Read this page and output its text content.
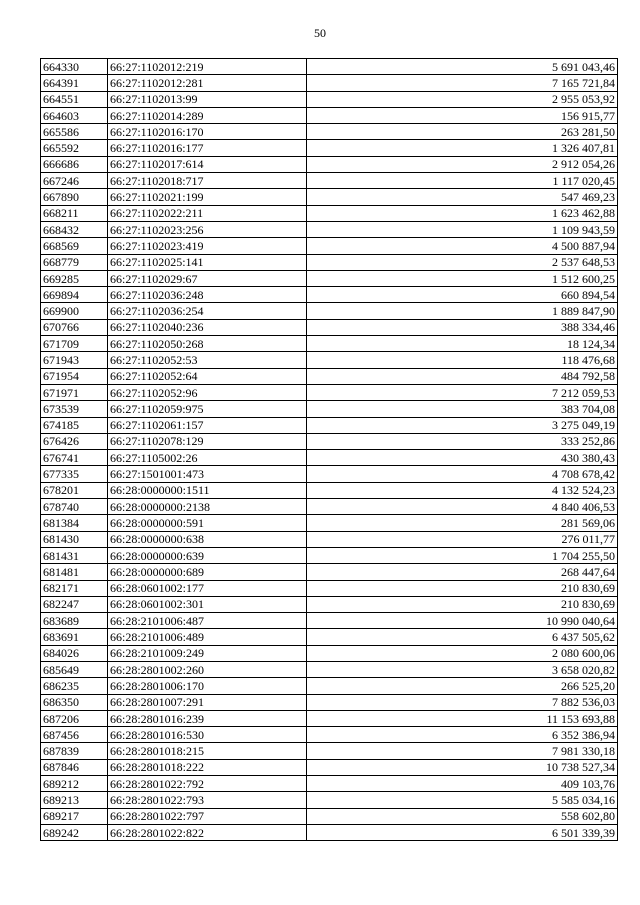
50
664330	66:27:1102012:219	5 691 043,46
664391	66:27:1102012:281	7 165 721,84
664551	66:27:1102013:99	2 955 053,92
664603	66:27:1102014:289	156 915,77
665586	66:27:1102016:170	263 281,50
665592	66:27:1102016:177	1 326 407,81
666686	66:27:1102017:614	2 912 054,26
667246	66:27:1102018:717	1 117 020,45
667890	66:27:1102021:199	547 469,23
668211	66:27:1102022:211	1 623 462,88
668432	66:27:1102023:256	1 109 943,59
668569	66:27:1102023:419	4 500 887,94
668779	66:27:1102025:141	2 537 648,53
669285	66:27:1102029:67	1 512 600,25
669894	66:27:1102036:248	660 894,54
669900	66:27:1102036:254	1 889 847,90
670766	66:27:1102040:236	388 334,46
671709	66:27:1102050:268	18 124,34
671943	66:27:1102052:53	118 476,68
671954	66:27:1102052:64	484 792,58
671971	66:27:1102052:96	7 212 059,53
673539	66:27:1102059:975	383 704,08
674185	66:27:1102061:157	3 275 049,19
676426	66:27:1102078:129	333 252,86
676741	66:27:1105002:26	430 380,43
677335	66:27:1501001:473	4 708 678,42
678201	66:28:0000000:1511	4 132 524,23
678740	66:28:0000000:2138	4 840 406,53
681384	66:28:0000000:591	281 569,06
681430	66:28:0000000:638	276 011,77
681431	66:28:0000000:639	1 704 255,50
681481	66:28:0000000:689	268 447,64
682171	66:28:0601002:177	210 830,69
682247	66:28:0601002:301	210 830,69
683689	66:28:2101006:487	10 990 040,64
683691	66:28:2101006:489	6 437 505,62
684026	66:28:2101009:249	2 080 600,06
685649	66:28:2801002:260	3 658 020,82
686235	66:28:2801006:170	266 525,20
686350	66:28:2801007:291	7 882 536,03
687206	66:28:2801016:239	11 153 693,88
687456	66:28:2801016:530	6 352 386,94
687839	66:28:2801018:215	7 981 330,18
687846	66:28:2801018:222	10 738 527,34
689212	66:28:2801022:792	409 103,76
689213	66:28:2801022:793	5 585 034,16
689217	66:28:2801022:797	558 602,80
689242	66:28:2801022:822	6 501 339,39
